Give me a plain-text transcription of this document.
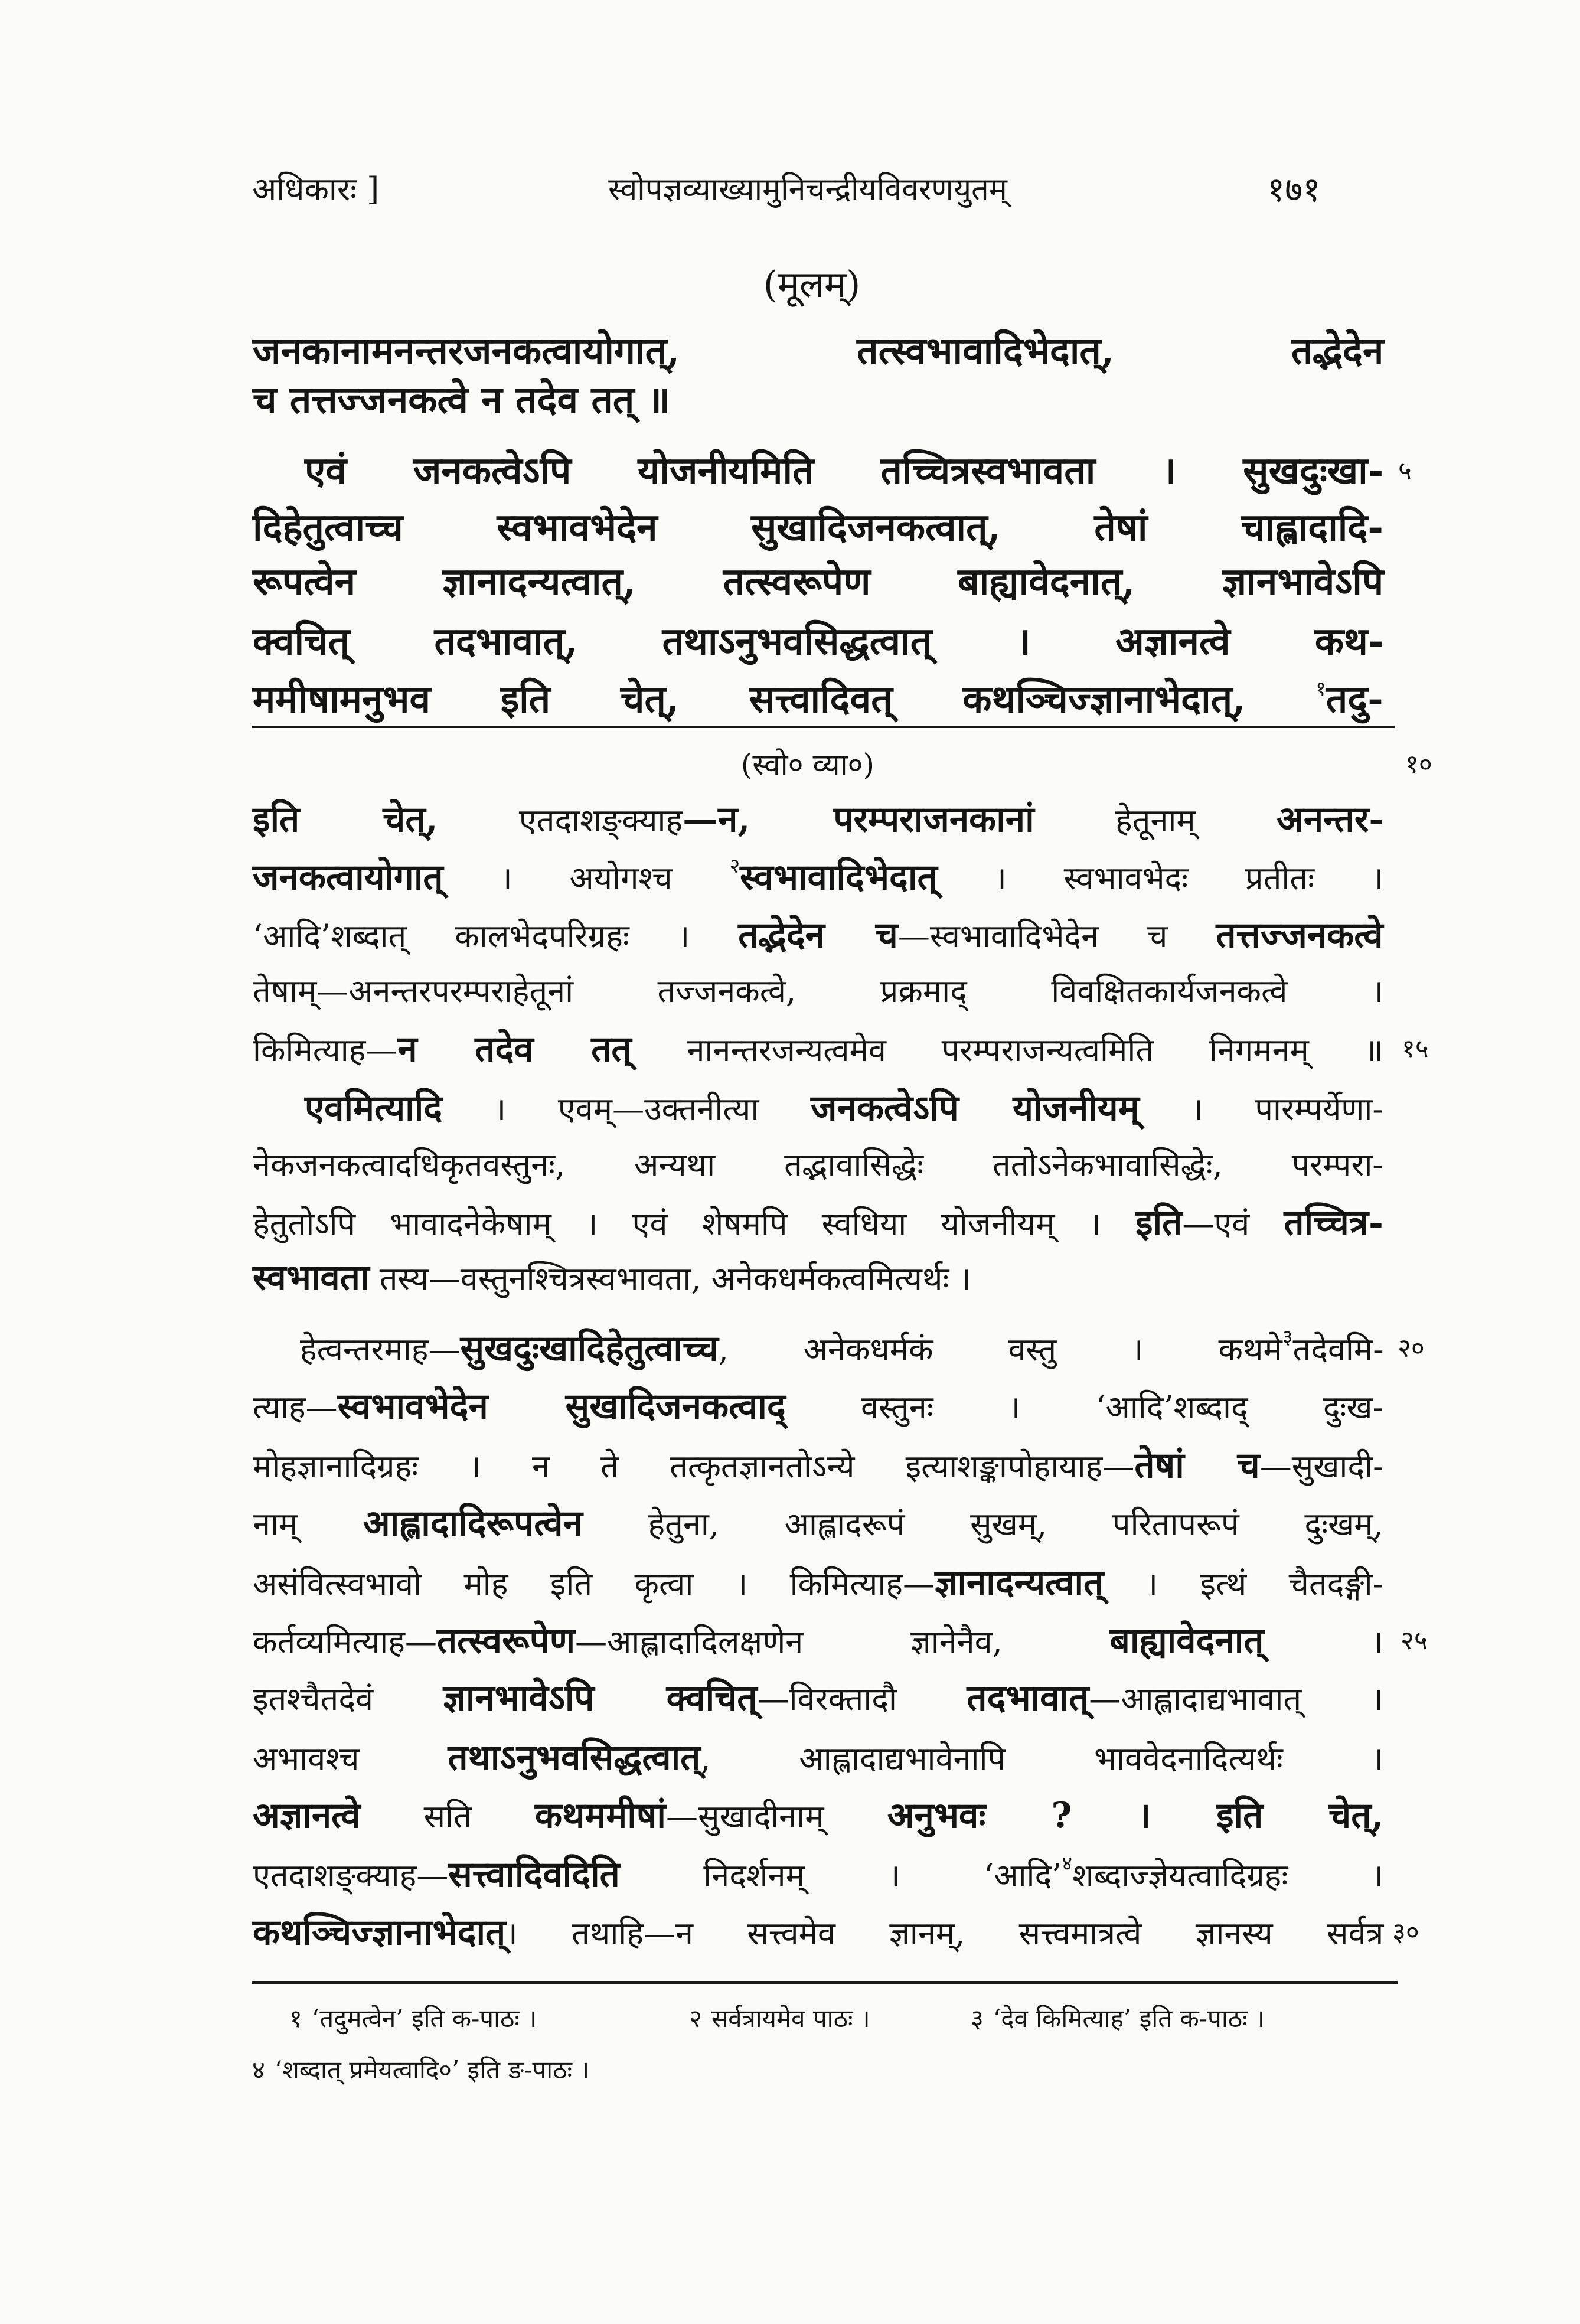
अधिकारः ]	स्वोपज्ञव्याख्यामुनिचन्द्रीयविवरणयुतम्	१७१
(मूलम्)
(स्वो० व्या०)
जनकानामनन्तरजनकत्वायोगात्, तत्स्वभावादिभेदात्, तद्भेदेन
च तत्तज्जनकत्वे न तदेव तत् ॥
एवं जनकत्वेऽपि योजनीयमिति तच्चित्रस्वभावता । सुखदुःखा-
दिहेतुत्वाच्च स्वभावभेदेन सुखादिजनकत्वात्, तेषां चाह्लादादि-
रूपत्वेन ज्ञानादन्यत्वात्, तत्स्वरूपेण बाह्यावेदनात्, ज्ञानभावेऽपि
क्वचित् तदभावात्, तथाऽनुभवसिद्धत्वात् । अज्ञानत्वे कथ-
ममीषामनुभव इति चेत्, सत्त्वादिवत् कथञ्चिज्ज्ञानाभेदात्, $^१$तदु-
इति चेत्, एतदाशङ्क्याह—न, परम्पराजनकानां हेतूनाम् अनन्तर-
जनकत्वायोगात् । अयोगश्च $^२$स्वभावादिभेदात् । स्वभावभेदः प्रतीतः ।
‘आदि’शब्दात् कालभेदपरिग्रहः । तद्भेदेन च—स्वभावादिभेदेन च तत्तज्जनकत्वे
तेषाम्—अनन्तरपरम्पराहेतूनां तज्जनकत्वे, प्रक्रमाद् विवक्षितकार्यजनकत्वे ।
किमित्याह—न तदेव तत् नानन्तरजन्यत्वमेव परम्पराजन्यत्वमिति निगमनम् ॥
एवमित्यादि । एवम्—उक्तनीत्या जनकत्वेऽपि योजनीयम् । पारम्पर्येणा-
नेकजनकत्वादधिकृतवस्तुनः, अन्यथा तद्भावासिद्धेः ततोऽनेकभावासिद्धेः, परम्परा-
हेतुतोऽपि भावादनेकेषाम् । एवं शेषमपि स्वधिया योजनीयम् । इति—एवं तच्चित्र-
स्वभावता तस्य—वस्तुनश्चित्रस्वभावता, अनेकधर्मकत्वमित्यर्थः ।
हेत्वन्तरमाह—सुखदुःखादिहेतुत्वाच्च, अनेकधर्मकं वस्तु । कथमे$^३$तदेवमि-
त्याह—स्वभावभेदेन सुखादिजनकत्वाद् वस्तुनः । ‘आदि’शब्दाद् दुःख-
मोहज्ञानादिग्रहः । न ते तत्कृतज्ञानतोऽन्ये इत्याशङ्कापोहायाह—तेषां च—सुखादी-
नाम् आह्लादादिरूपत्वेन हेतुना, आह्लादरूपं सुखम्, परितापरूपं दुःखम्,
असंवित्स्वभावो मोह इति कृत्वा । किमित्याह—ज्ञानादन्यत्वात् । इत्थं चैतदङ्गी-
कर्तव्यमित्याह—तत्स्वरूपेण—आह्लादादिलक्षणेन ज्ञानेनैव, बाह्यावेदनात् ।
इतश्चैतदेवं ज्ञानभावेऽपि क्वचित्—विरक्तादौ तदभावात्—आह्लादाद्यभावात् ।
अभावश्च तथाऽनुभवसिद्धत्वात्, आह्लादाद्यभावेनापि भाववेदनादित्यर्थः ।
अज्ञानत्वे सति कथममीषां—सुखादीनाम् अनुभवः ? । इति चेत्,
एतदाशङ्क्याह—सत्त्वादिवदिति निदर्शनम् । ‘आदि’$^४$शब्दाज्ज्ञेयत्वादिग्रहः ।
कथञ्चिज्ज्ञानाभेदात्। तथाहि—न सत्त्वमेव ज्ञानम्, सत्त्वमात्रत्वे ज्ञानस्य सर्वत्र
५
१०
१५
२०
२५
३०
१ ‘तदुमत्वेन’ इति क-पाठः ।	२ सर्वत्रायमेव पाठः ।	३ ‘देव किमित्याह’ इति क-पाठः ।
४ ‘शब्दात् प्रमेयत्वादि०’ इति ङ-पाठः ।
